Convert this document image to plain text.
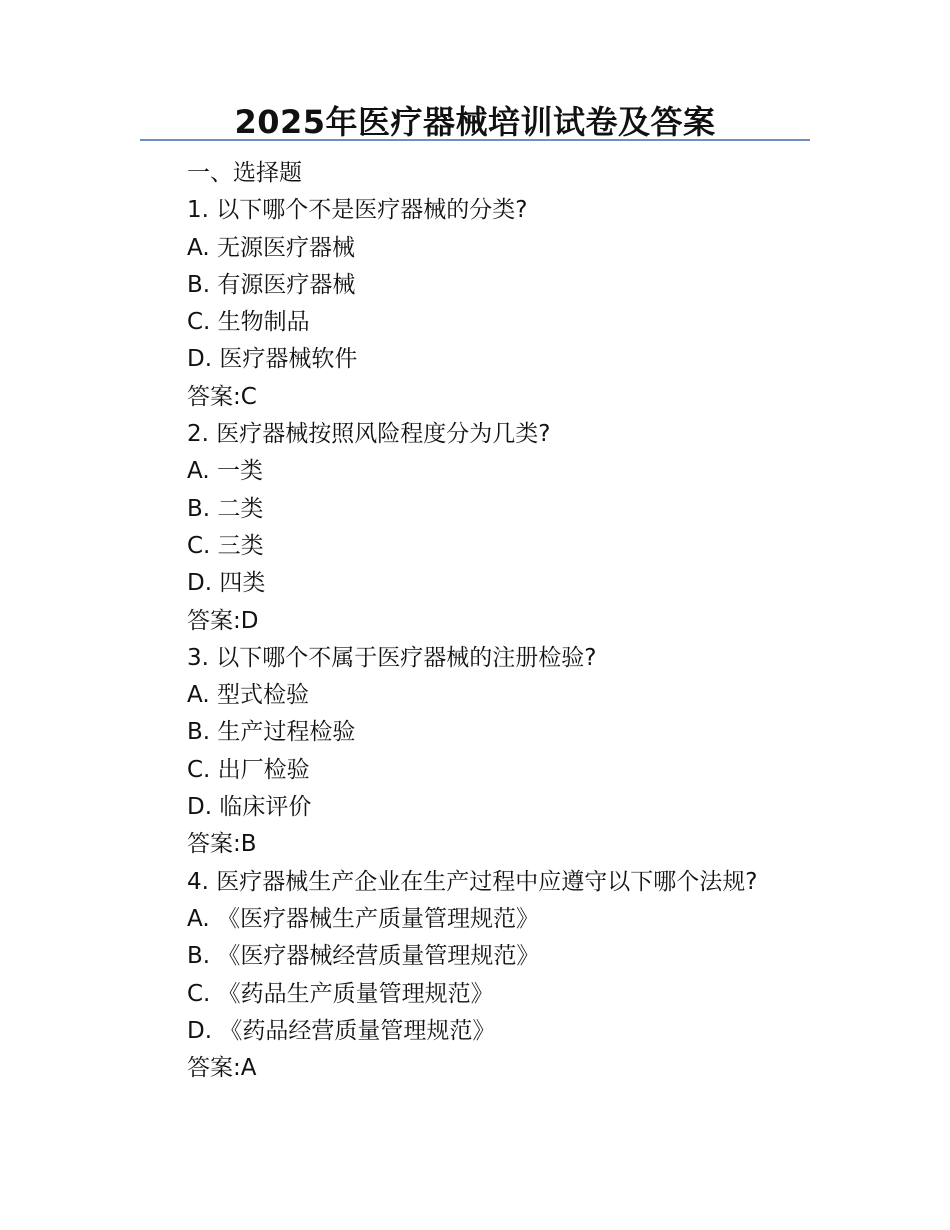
2025年医疗器械培训试卷及答案
一、选择题
1. 以下哪个不是医疗器械的分类?
A. 无源医疗器械
B. 有源医疗器械
C. 生物制品
D. 医疗器械软件
答案:C
2. 医疗器械按照风险程度分为几类?
A. 一类
B. 二类
C. 三类
D. 四类
答案:D
3. 以下哪个不属于医疗器械的注册检验?
A. 型式检验
B. 生产过程检验
C. 出厂检验
D. 临床评价
答案:B
4. 医疗器械生产企业在生产过程中应遵守以下哪个法规?
A. 《医疗器械生产质量管理规范》
B. 《医疗器械经营质量管理规范》
C. 《药品生产质量管理规范》
D. 《药品经营质量管理规范》
答案:A
